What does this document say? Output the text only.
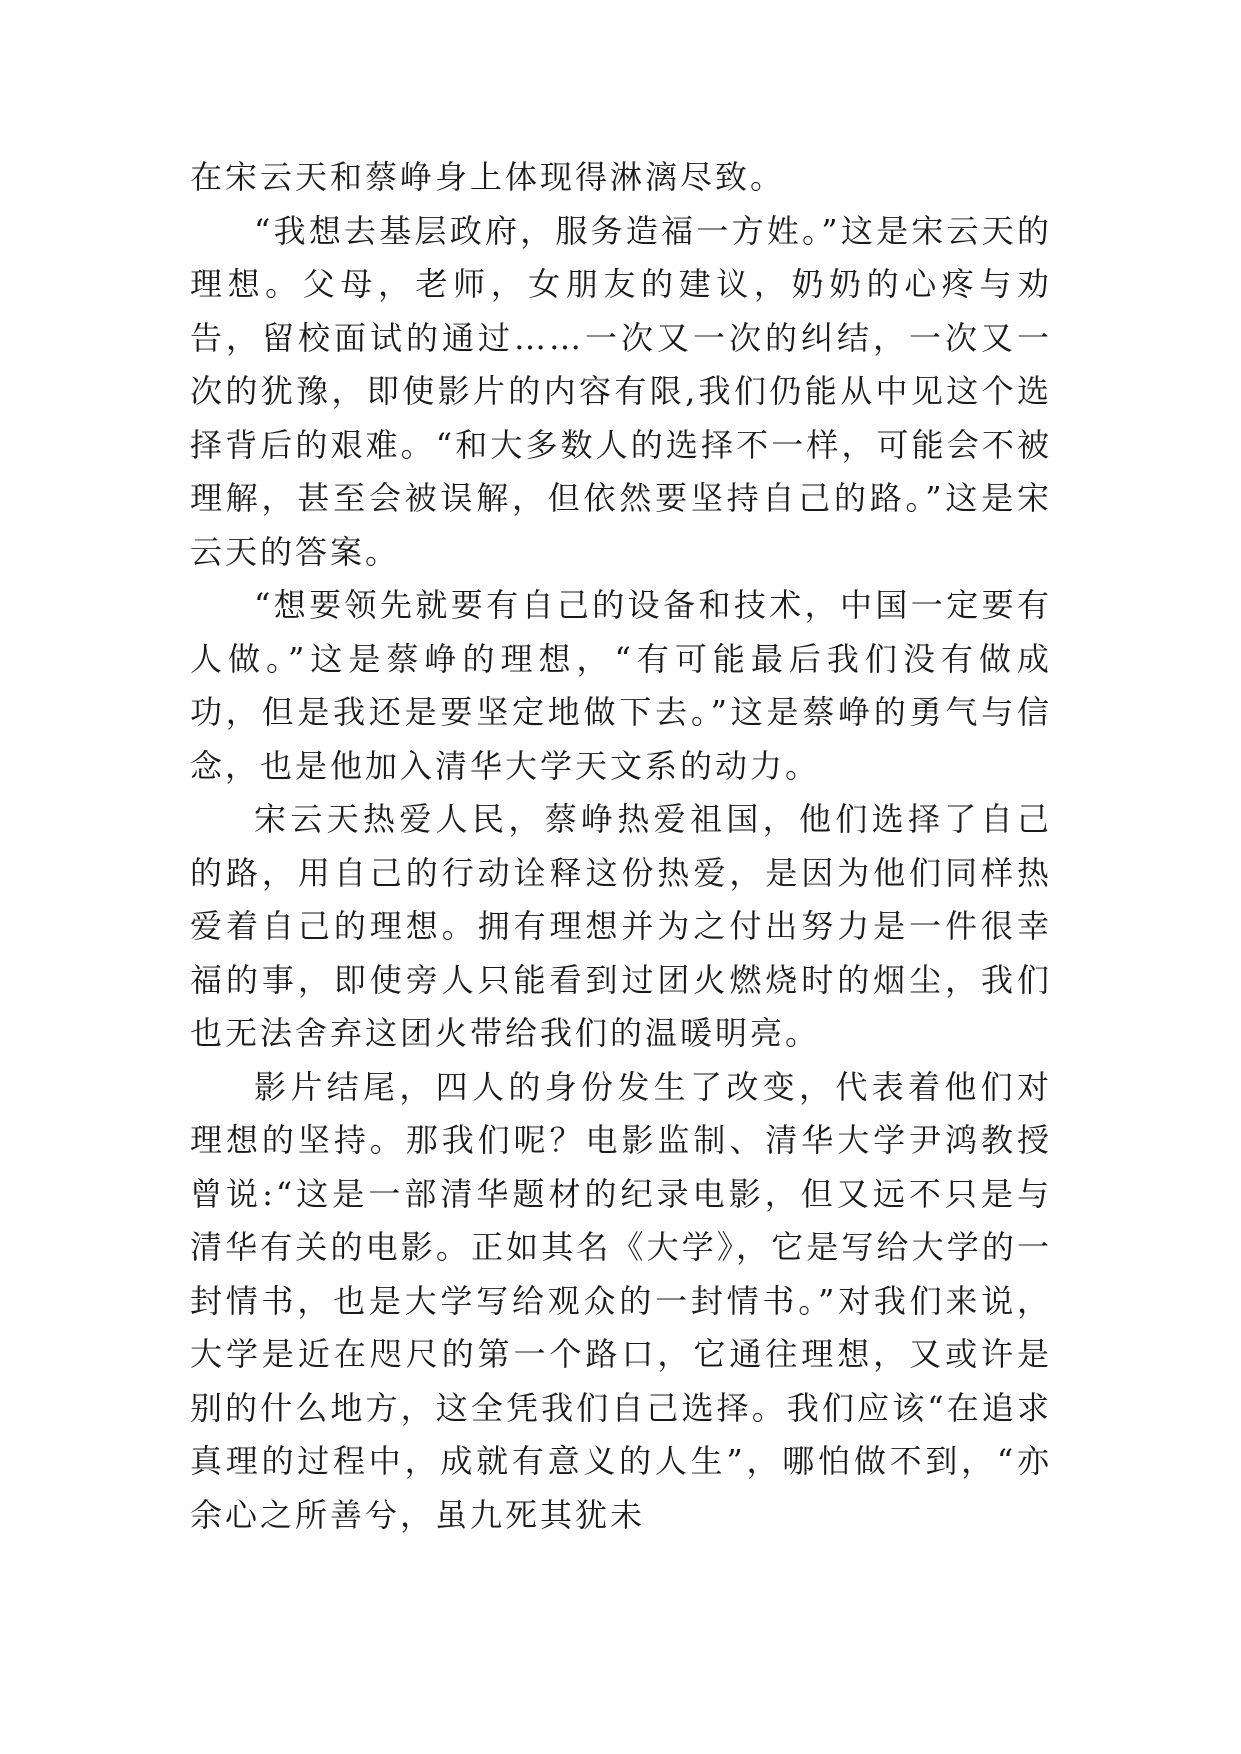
在宋云天和蔡峥身上体现得淋漓尽致。

“我想去基层政府，服务造福一方姓。”这是宋云天的理想。父母，老师，女朋友的建议，奶奶的心疼与劝告，留校面试的通过……一次又一次的纠结，一次又一次的犹豫，即使影片的内容有限,我们仍能从中见这个选择背后的艰难。“和大多数人的选择不一样，可能会不被理解，甚至会被误解，但依然要坚持自己的路。”这是宋云天的答案。

“想要领先就要有自己的设备和技术，中国一定要有人做。”这是蔡峥的理想，“有可能最后我们没有做成功，但是我还是要坚定地做下去。”这是蔡峥的勇气与信念，也是他加入清华大学天文系的动力。

宋云天热爱人民，蔡峥热爱祖国，他们选择了自己的路，用自己的行动诠释这份热爱，是因为他们同样热爱着自己的理想。拥有理想并为之付出努力是一件很幸福的事，即使旁人只能看到过团火燃烧时的烟尘，我们也无法舍弃这团火带给我们的温暖明亮。

影片结尾，四人的身份发生了改变，代表着他们对理想的坚持。那我们呢？电影监制、清华大学尹鸿教授曾说:“这是一部清华题材的纪录电影，但又远不只是与清华有关的电影。正如其名《大学》，它是写给大学的一封情书，也是大学写给观众的一封情书。”对我们来说，大学是近在咫尺的第一个路口，它通往理想，又或许是别的什么地方，这全凭我们自己选择。我们应该“在追求真理的过程中，成就有意义的人生”，哪怕做不到，“亦余心之所善兮，虽九死其犹未
